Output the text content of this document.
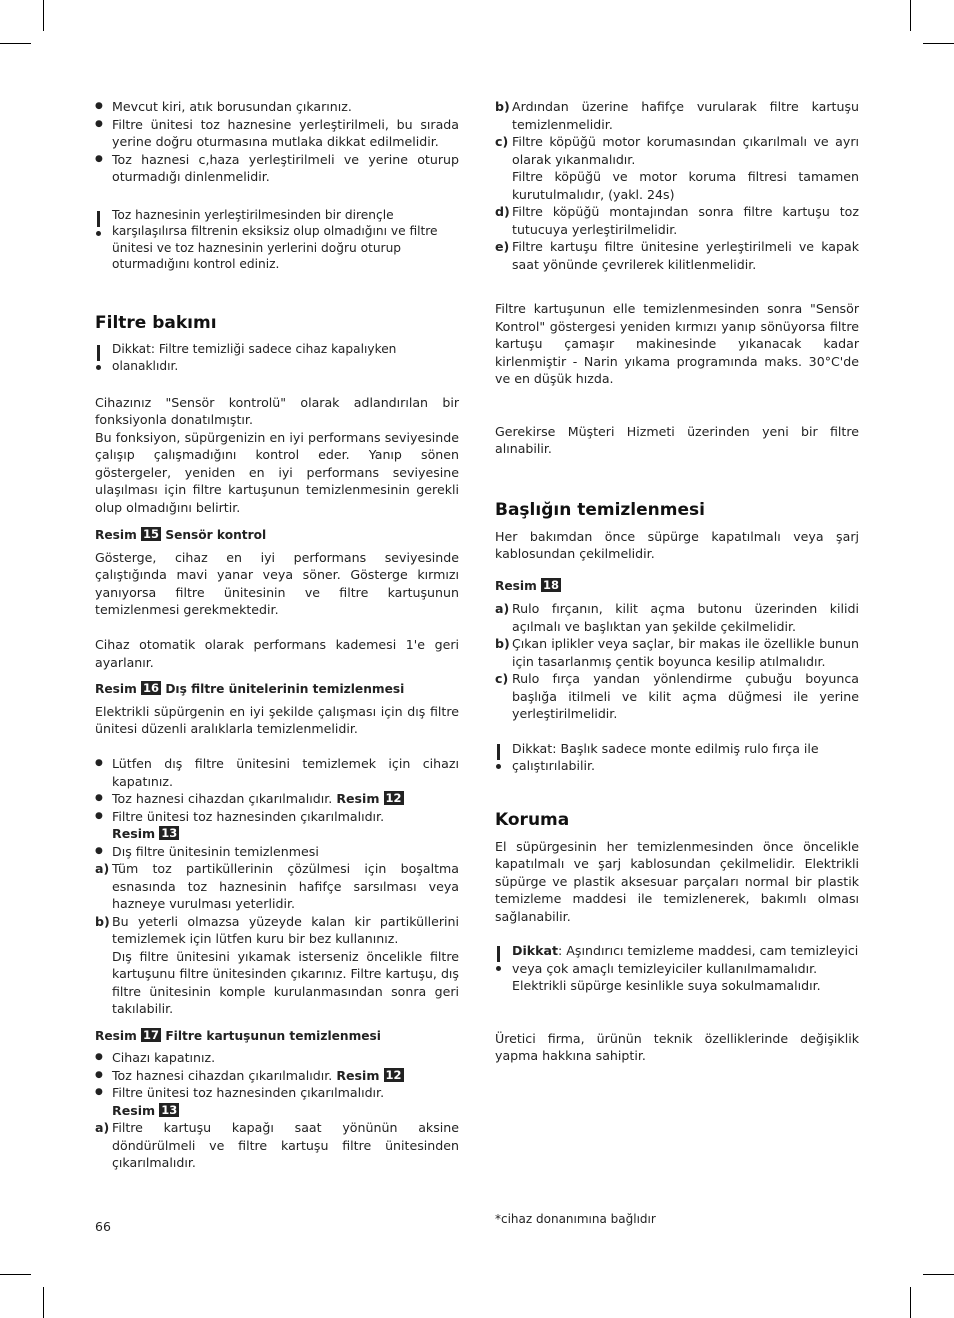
● Mevcut kiri, atık borusundan çıkarınız.
● Filtre ünitesi toz haznesine yerleştirilmeli, bu sırada yerine doğru oturmasına mutlaka dikkat edilmelidir.
● Toz haznesi c,haza yerleştirilmeli ve yerine oturup oturmadığı dinlenmelidir.
Toz haznesinin yerleştirilmesinden bir dirençle karşılaşılırsa filtrenin eksiksiz olup olmadığını ve filtre ünitesi ve toz haznesinin yerlerini doğru oturup oturmadığını kontrol ediniz.
Filtre bakımı
Dikkat: Filtre temizliği sadece cihaz kapalıyken olanaklıdır.

Cihazınız "Sensör kontrolü" olarak adlandırılan bir fonksiyonla donatılmıştır.

Bu fonksiyon, süpürgenizin en iyi performans seviyesinde çalışıp çalışmadığını kontrol eder. Yanıp sönen göstergeler, yeniden en iyi performans seviyesine ulaşılması için filtre kartuşunun temizlenmesinin gerekli olup olmadığını belirtir.

Resim 15 Sensör kontrol

Gösterge, cihaz en iyi performans seviyesinde çalıştığında mavi yanar veya söner. Gösterge kırmızı yanıyorsa filtre ünitesinin ve filtre kartuşunun temizlenmesi gerekmektedir.

Cihaz otomatik olarak performans kademesi 1'e geri ayarlanır.

Resim 16 Dış filtre ünitelerinin temizlenmesi

Elektrikli süpürgenin en iyi şekilde çalışması için dış filtre ünitesi düzenli aralıklarla temizlenmelidir.

● Lütfen dış filtre ünitesini temizlemek için cihazı kapatınız.
● Toz haznesi cihazdan çıkarılmalıdır. Resim 12
● Filtre ünitesi toz haznesinden çıkarılmalıdır.
Resim 13
● Dış filtre ünitesinin temizlenmesi
a) Tüm toz partiküllerinin çözülmesi için boşaltma esnasında toz haznesinin hafifçe sarsılması veya hazneye vurulması yeterlidir.
b) Bu yeterli olmazsa yüzeyde kalan kir partiküllerini temizlemek için lütfen kuru bir bez kullanınız.
Dış filtre ünitesini yıkamak isterseniz öncelikle filtre kartuşunu filtre ünitesinden çıkarınız. Filtre kartuşu, dış filtre ünitesinin komple kurulanmasından sonra geri takılabilir.
Resim 17 Filtre kartuşunun temizlenmesi
● Cihazı kapatınız.
● Toz haznesi cihazdan çıkarılmalıdır. Resim 12
● Filtre ünitesi toz haznesinden çıkarılmalıdır.
Resim 13
a) Filtre kartuşu kapağı saat yönünün aksine döndürülmeli ve filtre kartuşu filtre ünitesinden çıkarılmalıdır.
b) Ardından üzerine hafifçe vurularak filtre kartuşu temizlenmelidir.
c) Filtre köpüğü motor korumasından çıkarılmalı ve ayrı olarak yıkanmalıdır.
Filtre köpüğü ve motor koruma filtresi tamamen kurutulmalıdır, (yakl. 24s)
d) Filtre köpüğü montajından sonra filtre kartuşu toz tutucuya yerleştirilmelidir.
e) Filtre kartuşu filtre ünitesine yerleştirilmeli ve kapak saat yönünde çevrilerek kilitlenmelidir.

Filtre kartuşunun elle temizlenmesinden sonra "Sensör Kontrol" göstergesi yeniden kırmızı yanıp sönüyorsa filtre kartuşu çamaşır makinesinde yıkanacak kadar kirlenmiştir - Narin yıkama programında maks. 30°C'de ve en düşük hızda.

Gerekirse Müşteri Hizmeti üzerinden yeni bir filtre alınabilir.

Başlığın temizlenmesi

Her bakımdan önce süpürge kapatılmalı veya şarj kablosundan çekilmelidir.

Resim 18
a) Rulo fırçanın, kilit açma butonu üzerinden kilidi açılmalı ve başlıktan yan şekilde çekilmelidir.
b) Çıkan iplikler veya saçlar, bir makas ile özellikle bunun için tasarlanmış çentik boyunca kesilip atılmalıdır.
c) Rulo fırça yandan yönlendirme çubuğu boyunca başlığa itilmeli ve kilit açma düğmesi ile yerine yerleştirilmelidir.
Dikkat: Başlık sadece monte edilmiş rulo fırça ile çalıştırılabilir.
Koruma

El süpürgesinin her temizlenmesinden önce öncelikle kapatılmalı ve şarj kablosundan çekilmelidir. Elektrikli süpürge ve plastik aksesuar parçaları normal bir plastik temizleme maddesi ile temizlenerek, bakımlı olması sağlanabilir.

Dikkat: Aşındırıcı temizleme maddesi, cam temizleyici veya çok amaçlı temizleyiciler kullanılmamalıdır. Elektrikli süpürge kesinlikle suya sokulmamalıdır.

Üretici firma, ürünün teknik özelliklerinde değişiklik yapma hakkına sahiptir.

66	*cihaz donanımına bağlıdır
